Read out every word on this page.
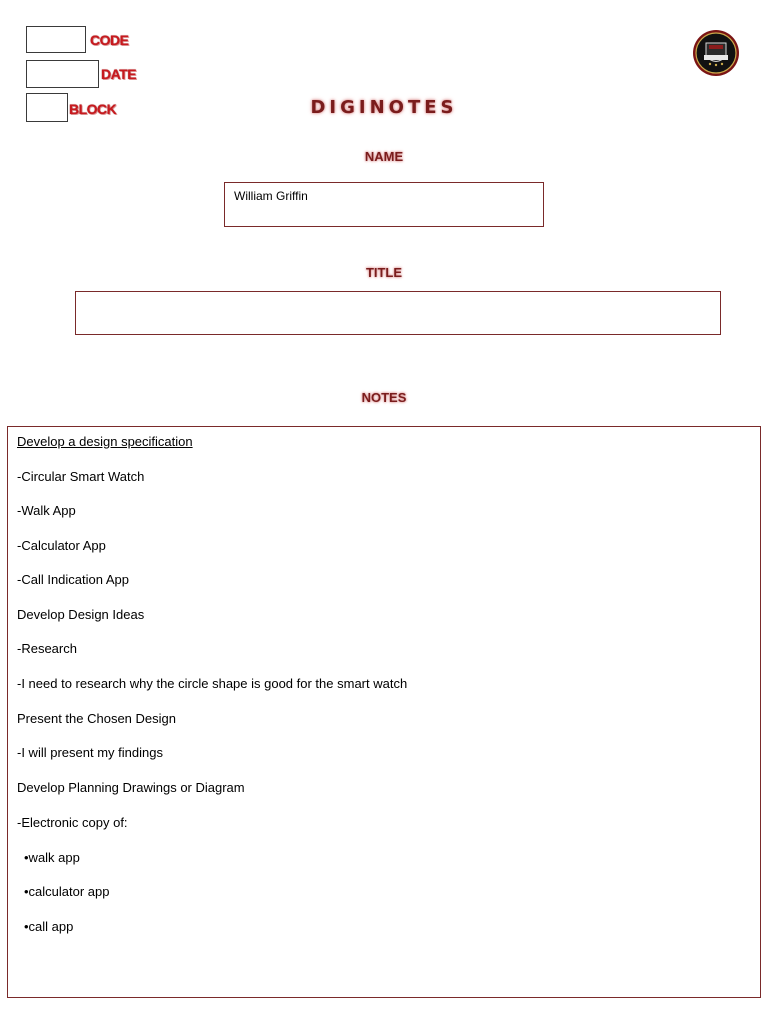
CODE
DATE
BLOCK	DIGINOTES
NAME
William Griffin
TITLE
NOTES
Develop a design specification
-Circular Smart Watch
-Walk App
-Calculator App
-Call Indication App
Develop Design Ideas
-Research
-I need to research why the circle shape is good for the smart watch
Present the Chosen Design
-I will present my findings
Develop Planning Drawings or Diagram
-Electronic copy of:
•walk app
•calculator app
•call app
